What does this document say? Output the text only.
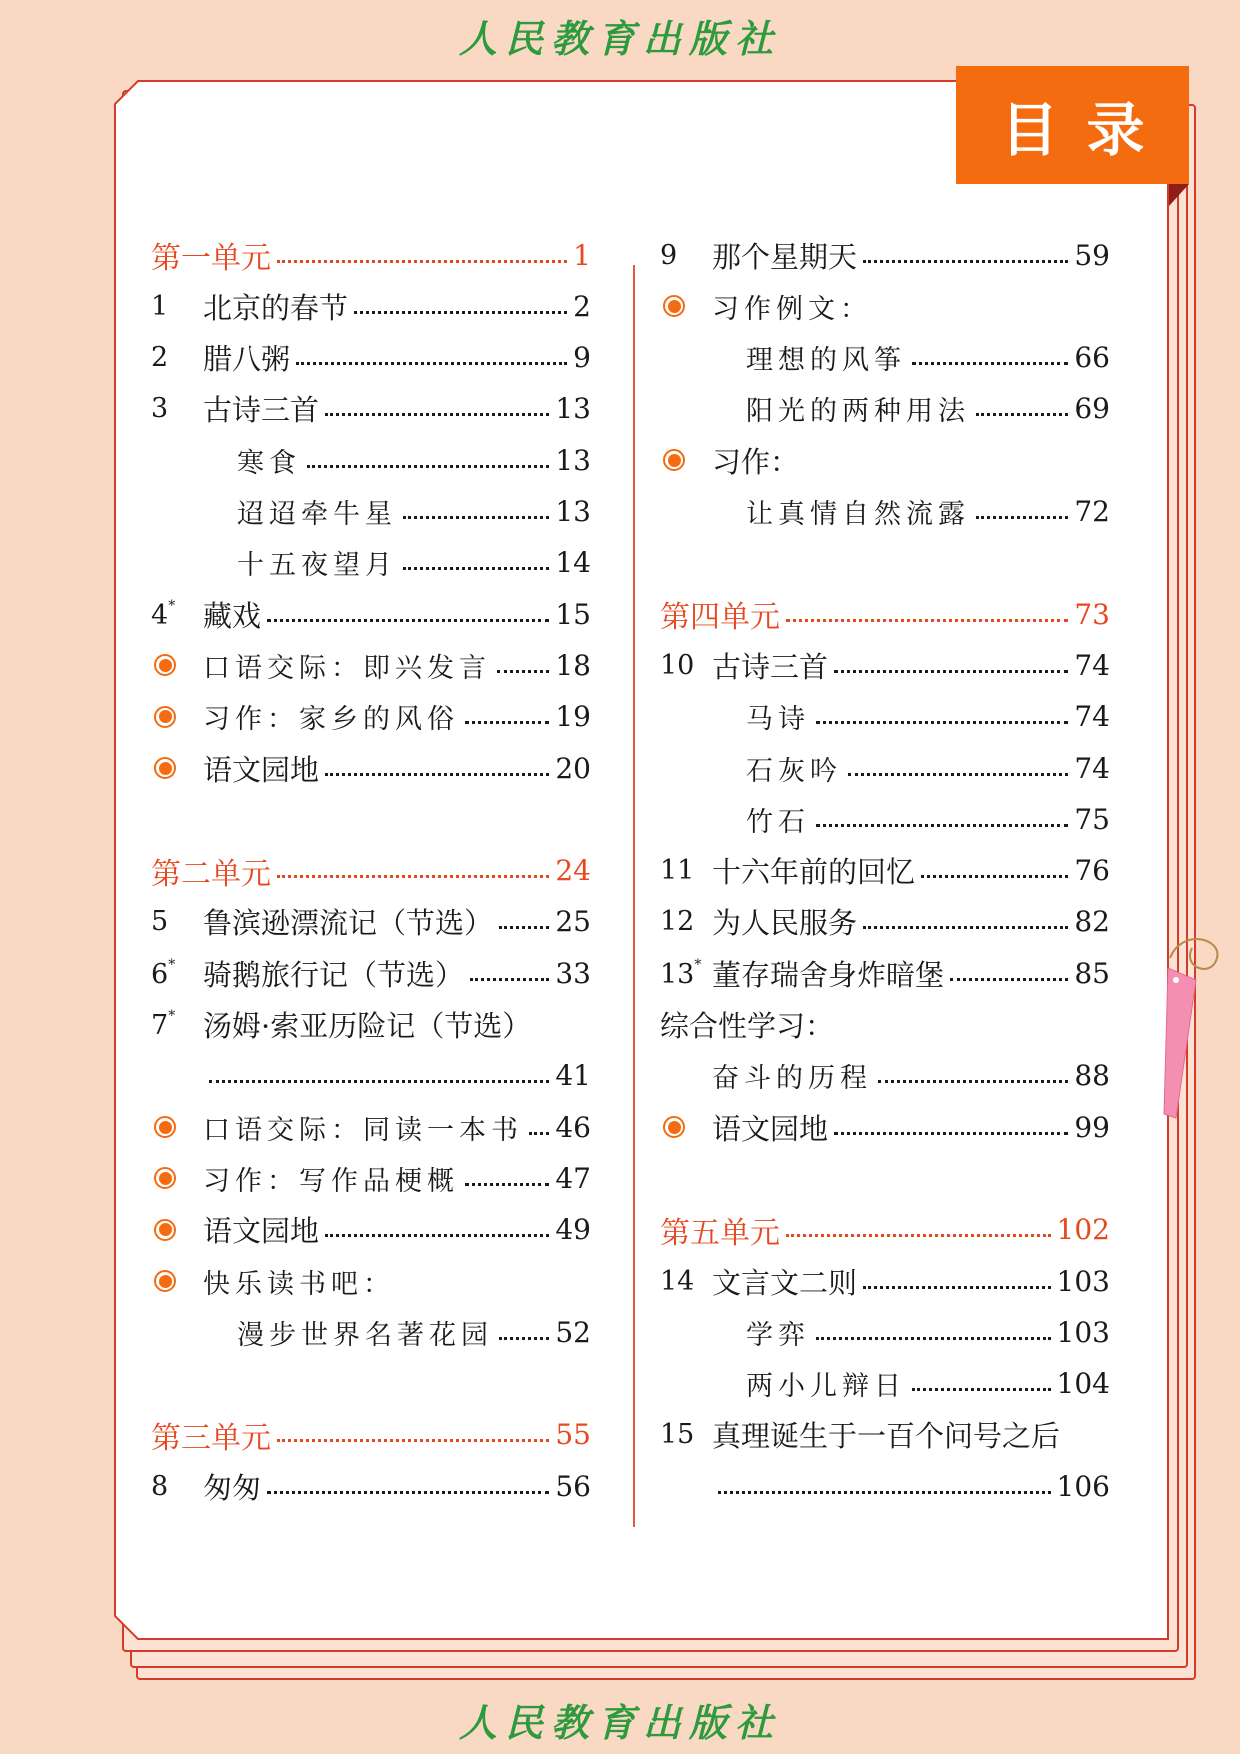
人民教育出版社
目录
第一单元	1
1	北京的春节	2
2	腊八粥	9
3	古诗三首	13
寒食	13
迢迢牵牛星	13
十五夜望月	14
4* 藏戏	15
口语交际：即兴发言 18
习作：家乡的风俗	19
语文园地	20
第二单元	24
5	鲁滨逊漂流记（节选） 25
6* 骑鹅旅行记（节选）	33
7* 汤姆·索亚历险记（节选）
41
口语交际：同读一本书 46
习作：写作品梗概	47
语文园地	49
快乐读书吧：
漫步世界名著花园 52
第三单元	55
8	匆匆	56
9	那个星期天	59
习作例文：
理想的风筝	66
阳光的两种用法	69
习作：
让真情自然流露	72
第四单元	73
10 古诗三首	74
马诗	74
石灰吟	74
竹石	75
11 十六年前的回忆	76
12 为人民服务	82
13* 董存瑞舍身炸暗堡	85
综合性学习：
奋斗的历程	88
语文园地	99
第五单元	102
14 文言文二则	103
学弈	103
两小儿辩日	104
15 真理诞生于一百个问号之后
106
人民教育出版社
